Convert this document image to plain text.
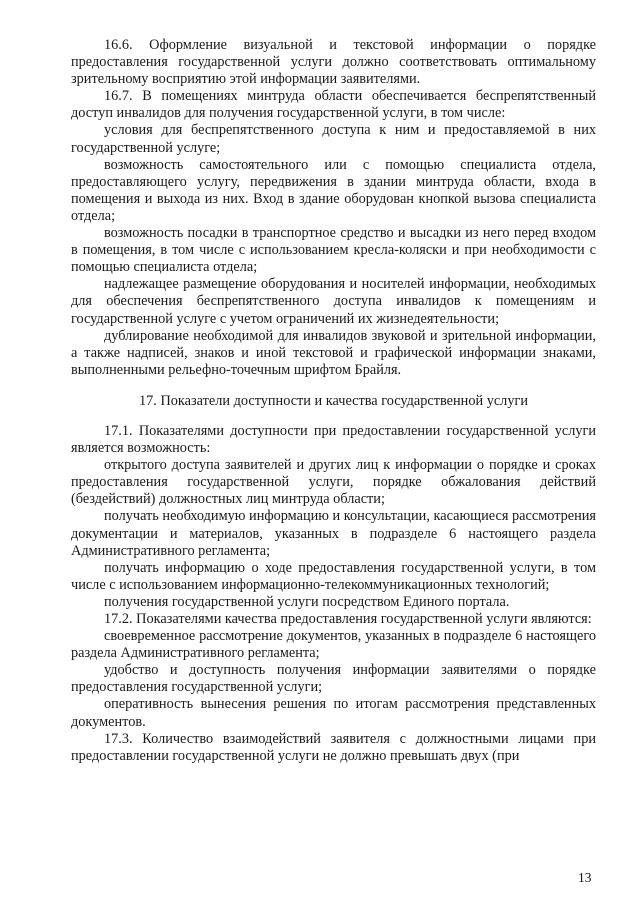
16.6. Оформление визуальной и текстовой информации о порядке предоставления государственной услуги должно соответствовать оптимальному зрительному восприятию этой информации заявителями.

16.7. В помещениях минтруда области обеспечивается беспрепятственный доступ инвалидов для получения государственной услуги, в том числе:

условия для беспрепятственного доступа к ним и предоставляемой в них государственной услуге;

возможность самостоятельного или с помощью специалиста отдела, предоставляющего услугу, передвижения в здании минтруда области, входа в помещения и выхода из них. Вход в здание оборудован кнопкой вызова специалиста отдела;

возможность посадки в транспортное средство и высадки из него перед входом в помещения, в том числе с использованием кресла-коляски и при необходимости с помощью специалиста отдела;

надлежащее размещение оборудования и носителей информации, необходимых для обеспечения беспрепятственного доступа инвалидов к помещениям и государственной услуге с учетом ограничений их жизнедеятельности;

дублирование необходимой для инвалидов звуковой и зрительной информации, а также надписей, знаков и иной текстовой и графической информации знаками, выполненными рельефно-точечным шрифтом Брайля.

17. Показатели доступности и качества государственной услуги

17.1. Показателями доступности при предоставлении государственной услуги является возможность:

открытого доступа заявителей и других лиц к информации о порядке и сроках предоставления государственной услуги, порядке обжалования действий (бездействий) должностных лиц минтруда области;

получать необходимую информацию и консультации, касающиеся рассмотрения документации и материалов, указанных в подразделе 6 настоящего раздела Административного регламента;

получать информацию о ходе предоставления государственной услуги, в том числе с использованием информационно-телекоммуникационных технологий;

получения государственной услуги посредством Единого портала.

17.2. Показателями качества предоставления государственной услуги являются:

своевременное рассмотрение документов, указанных в подразделе 6 настоящего раздела Административного регламента;

удобство и доступность получения информации заявителями о порядке предоставления государственной услуги;

оперативность вынесения решения по итогам рассмотрения представленных документов.

17.3. Количество взаимодействий заявителя с должностными лицами при предоставлении государственной услуги не должно превышать двух (при

13
